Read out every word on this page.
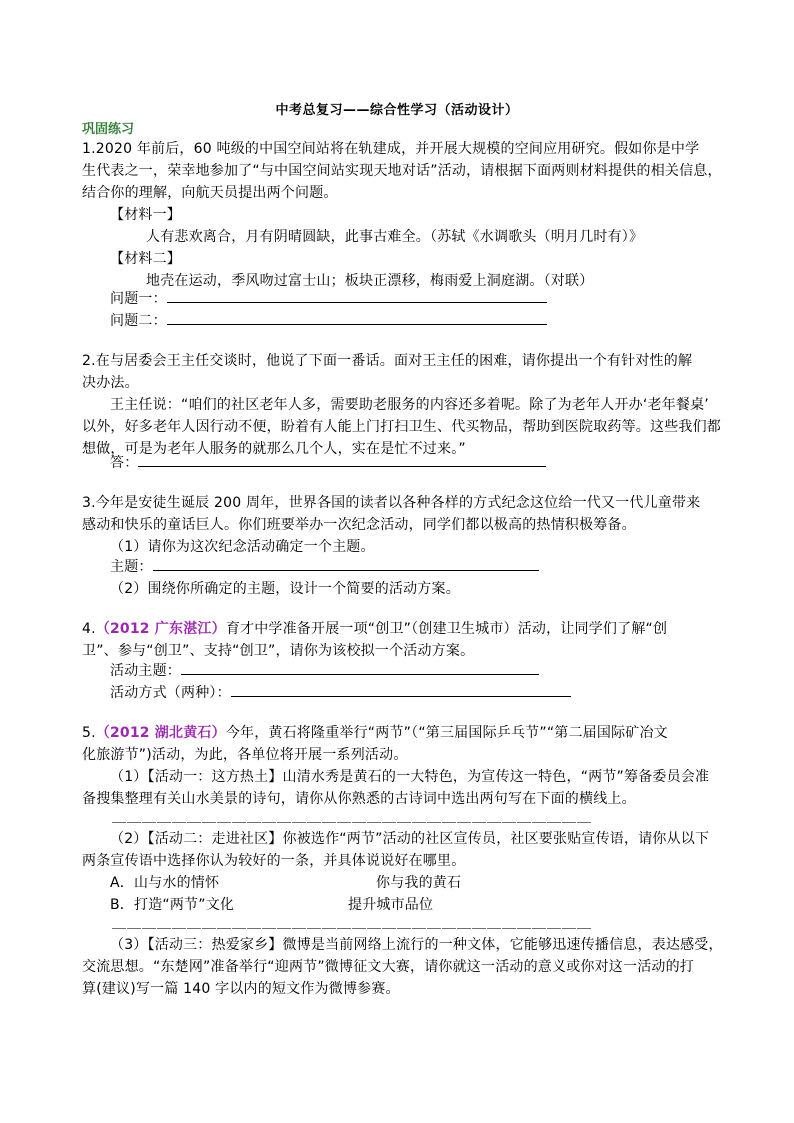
中考总复习——综合性学习（活动设计）
巩固练习
1.2020 年前后，60 吨级的中国空间站将在轨建成，并开展大规模的空间应用研究。假如你是中学
生代表之一，荣幸地参加了“与中国空间站实现天地对话”活动，请根据下面两则材料提供的相关信息，
结合你的理解，向航天员提出两个问题。
【材料一】
人有悲欢离合，月有阴晴圆缺，此事古难全。（苏轼《水调歌头（明月几时有）》
【材料二】
地壳在运动，季风吻过富士山；板块正漂移，梅雨爱上洞庭湖。（对联）
问题一：
问题二：
2.在与居委会王主任交谈时，他说了下面一番话。面对王主任的困难，请你提出一个有针对性的解
决办法。
王主任说：“咱们的社区老年人多，需要助老服务的内容还多着呢。除了为老年人开办‘老年餐桌’
以外，好多老年人因行动不便，盼着有人能上门打扫卫生、代买物品，帮助到医院取药等。这些我们都
想做，可是为老年人服务的就那么几个人，实在是忙不过来。”
答：
3.今年是安徒生诞辰 200 周年，世界各国的读者以各种各样的方式纪念这位给一代又一代儿童带来
感动和快乐的童话巨人。你们班要举办一次纪念活动，同学们都以极高的热情积极筹备。
（1）请你为这次纪念活动确定一个主题。
主题：
（2）围绕你所确定的主题，设计一个简要的活动方案。
4.（2012 广东湛江）育才中学准备开展一项“创卫”（创建卫生城市）活动，让同学们了解“创
卫”、参与“创卫”、支持“创卫”，请你为该校拟一个活动方案。
活动主题：
活动方式（两种）：
5.（2012 湖北黄石）今年，黄石将隆重举行“两节”（“第三届国际乒乓节”“第二届国际矿冶文
化旅游节”)活动，为此，各单位将开展一系列活动。
（1）【活动一：这方热土】山清水秀是黄石的一大特色，为宣传这一特色，“两节”筹备委员会准
备搜集整理有关山水美景的诗句，请你从你熟悉的古诗词中选出两句写在下面的横线上。
＿＿＿＿＿＿＿＿＿＿＿＿＿＿＿＿＿＿＿＿＿＿＿＿＿＿＿＿＿＿＿＿
（2）【活动二：走进社区】你被选作“两节”活动的社区宣传员，社区要张贴宣传语，请你从以下
两条宣传语中选择你认为较好的一条，并具体说说好在哪里。
A．山与水的情怀	你与我的黄石
B．打造“两节”文化	提升城市品位
＿＿＿＿＿＿＿＿＿＿＿＿＿＿＿＿＿＿＿＿＿＿＿＿＿＿＿＿＿＿＿＿
（3）【活动三：热爱家乡】微博是当前网络上流行的一种文体，它能够迅速传播信息，表达感受，
交流思想。“东楚网”准备举行“迎两节”微博征文大赛，请你就这一活动的意义或你对这一活动的打
算(建议)写一篇 140 字以内的短文作为微博参赛。
